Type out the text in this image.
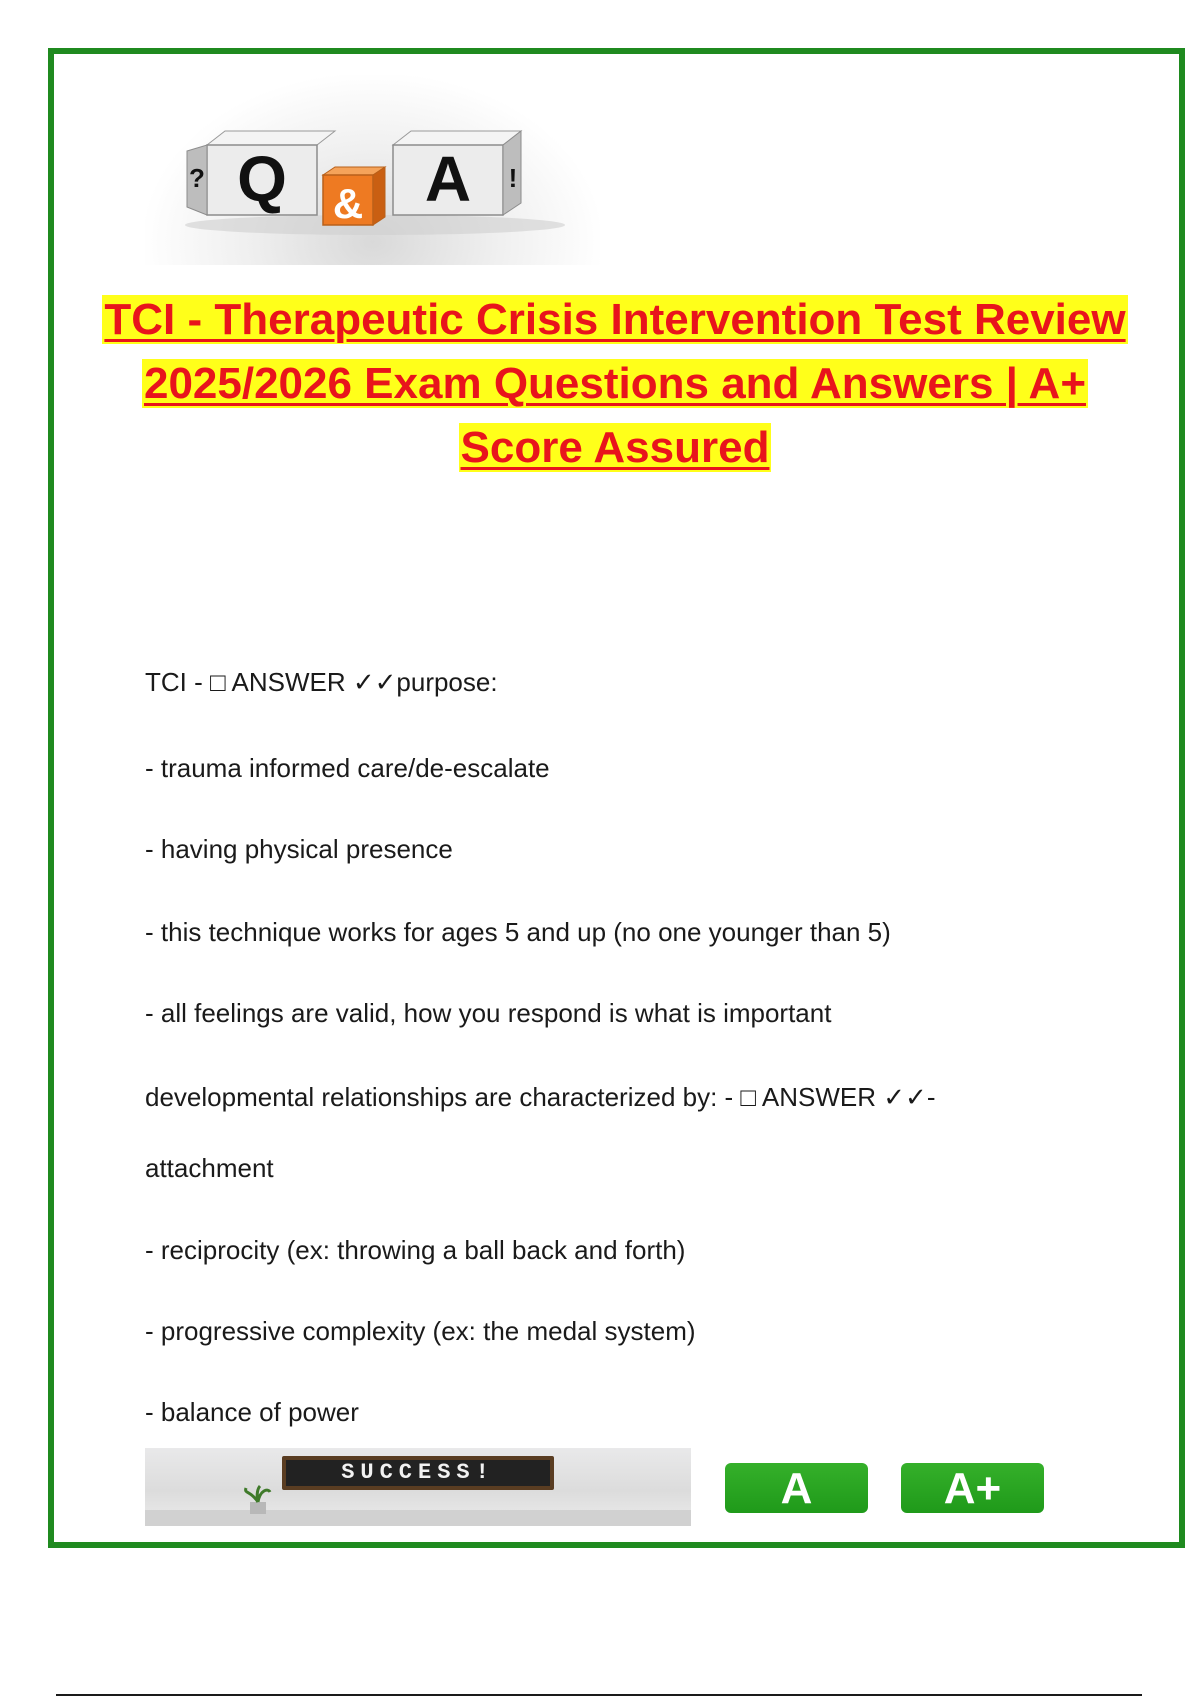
Q
?
& A !
TCI - Therapeutic Crisis Intervention Test Review 2025/2026 Exam Questions and Answers | A+ Score Assured
TCI - □ ANSWER ✓✓purpose:
- trauma informed care/de-escalate
- having physical presence
- this technique works for ages 5 and up (no one younger than 5)
- all feelings are valid, how you respond is what is important
developmental relationships are characterized by: - □ ANSWER ✓✓-
attachment
- reciprocity (ex: throwing a ball back and forth)
- progressive complexity (ex: the medal system)
- balance of power
SUCCESS!	A	A+
